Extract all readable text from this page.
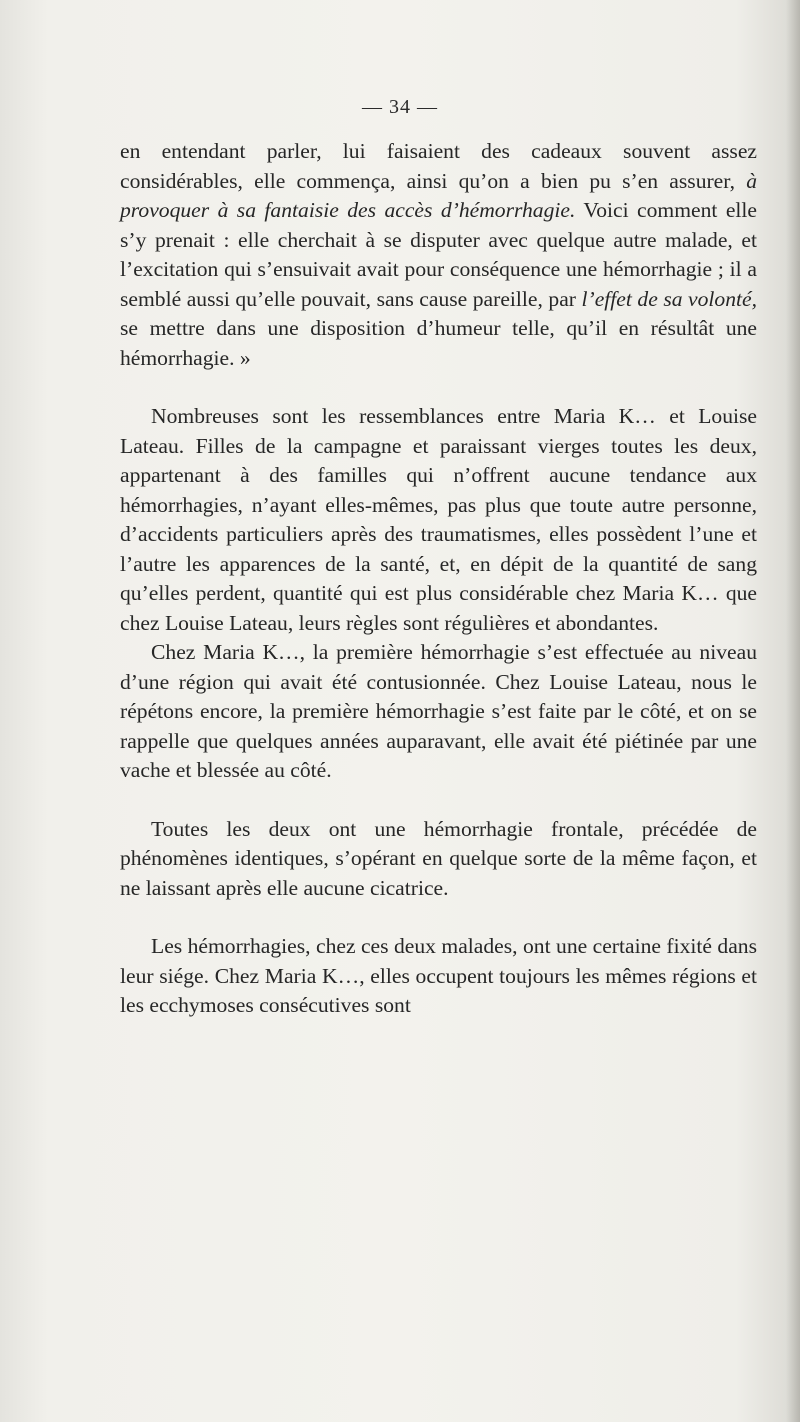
— 34 —

en entendant parler, lui faisaient des cadeaux souvent assez considérables, elle commença, ainsi qu’on a bien pu s’en assurer, à provoquer à sa fantaisie des accès d’hémorrhagie. Voici comment elle s’y prenait : elle cherchait à se disputer avec quelque autre malade, et l’excitation qui s’ensuivait avait pour conséquence une hémorrhagie ; il a semblé aussi qu’elle pouvait, sans cause pareille, par l’effet de sa volonté, se mettre dans une disposition d’humeur telle, qu’il en résultât une hémorrhagie. »

Nombreuses sont les ressemblances entre Maria K… et Louise Lateau. Filles de la campagne et paraissant vierges toutes les deux, appartenant à des familles qui n’offrent aucune tendance aux hémorrhagies, n’ayant elles-mêmes, pas plus que toute autre personne, d’accidents particuliers après des traumatismes, elles possèdent l’une et l’autre les apparences de la santé, et, en dépit de la quantité de sang qu’elles perdent, quantité qui est plus considérable chez Maria K… que chez Louise Lateau, leurs règles sont régulières et abondantes.

Chez Maria K…, la première hémorrhagie s’est effectuée au niveau d’une région qui avait été contusionnée. Chez Louise Lateau, nous le répétons encore, la première hémorrhagie s’est faite par le côté, et on se rappelle que quelques années auparavant, elle avait été piétinée par une vache et blessée au côté.

Toutes les deux ont une hémorrhagie frontale, précédée de phénomènes identiques, s’opérant en quelque sorte de la même façon, et ne laissant après elle aucune cicatrice.

Les hémorrhagies, chez ces deux malades, ont une certaine fixité dans leur siége. Chez Maria K…, elles occupent toujours les mêmes régions et les ecchymoses consécutives sont
